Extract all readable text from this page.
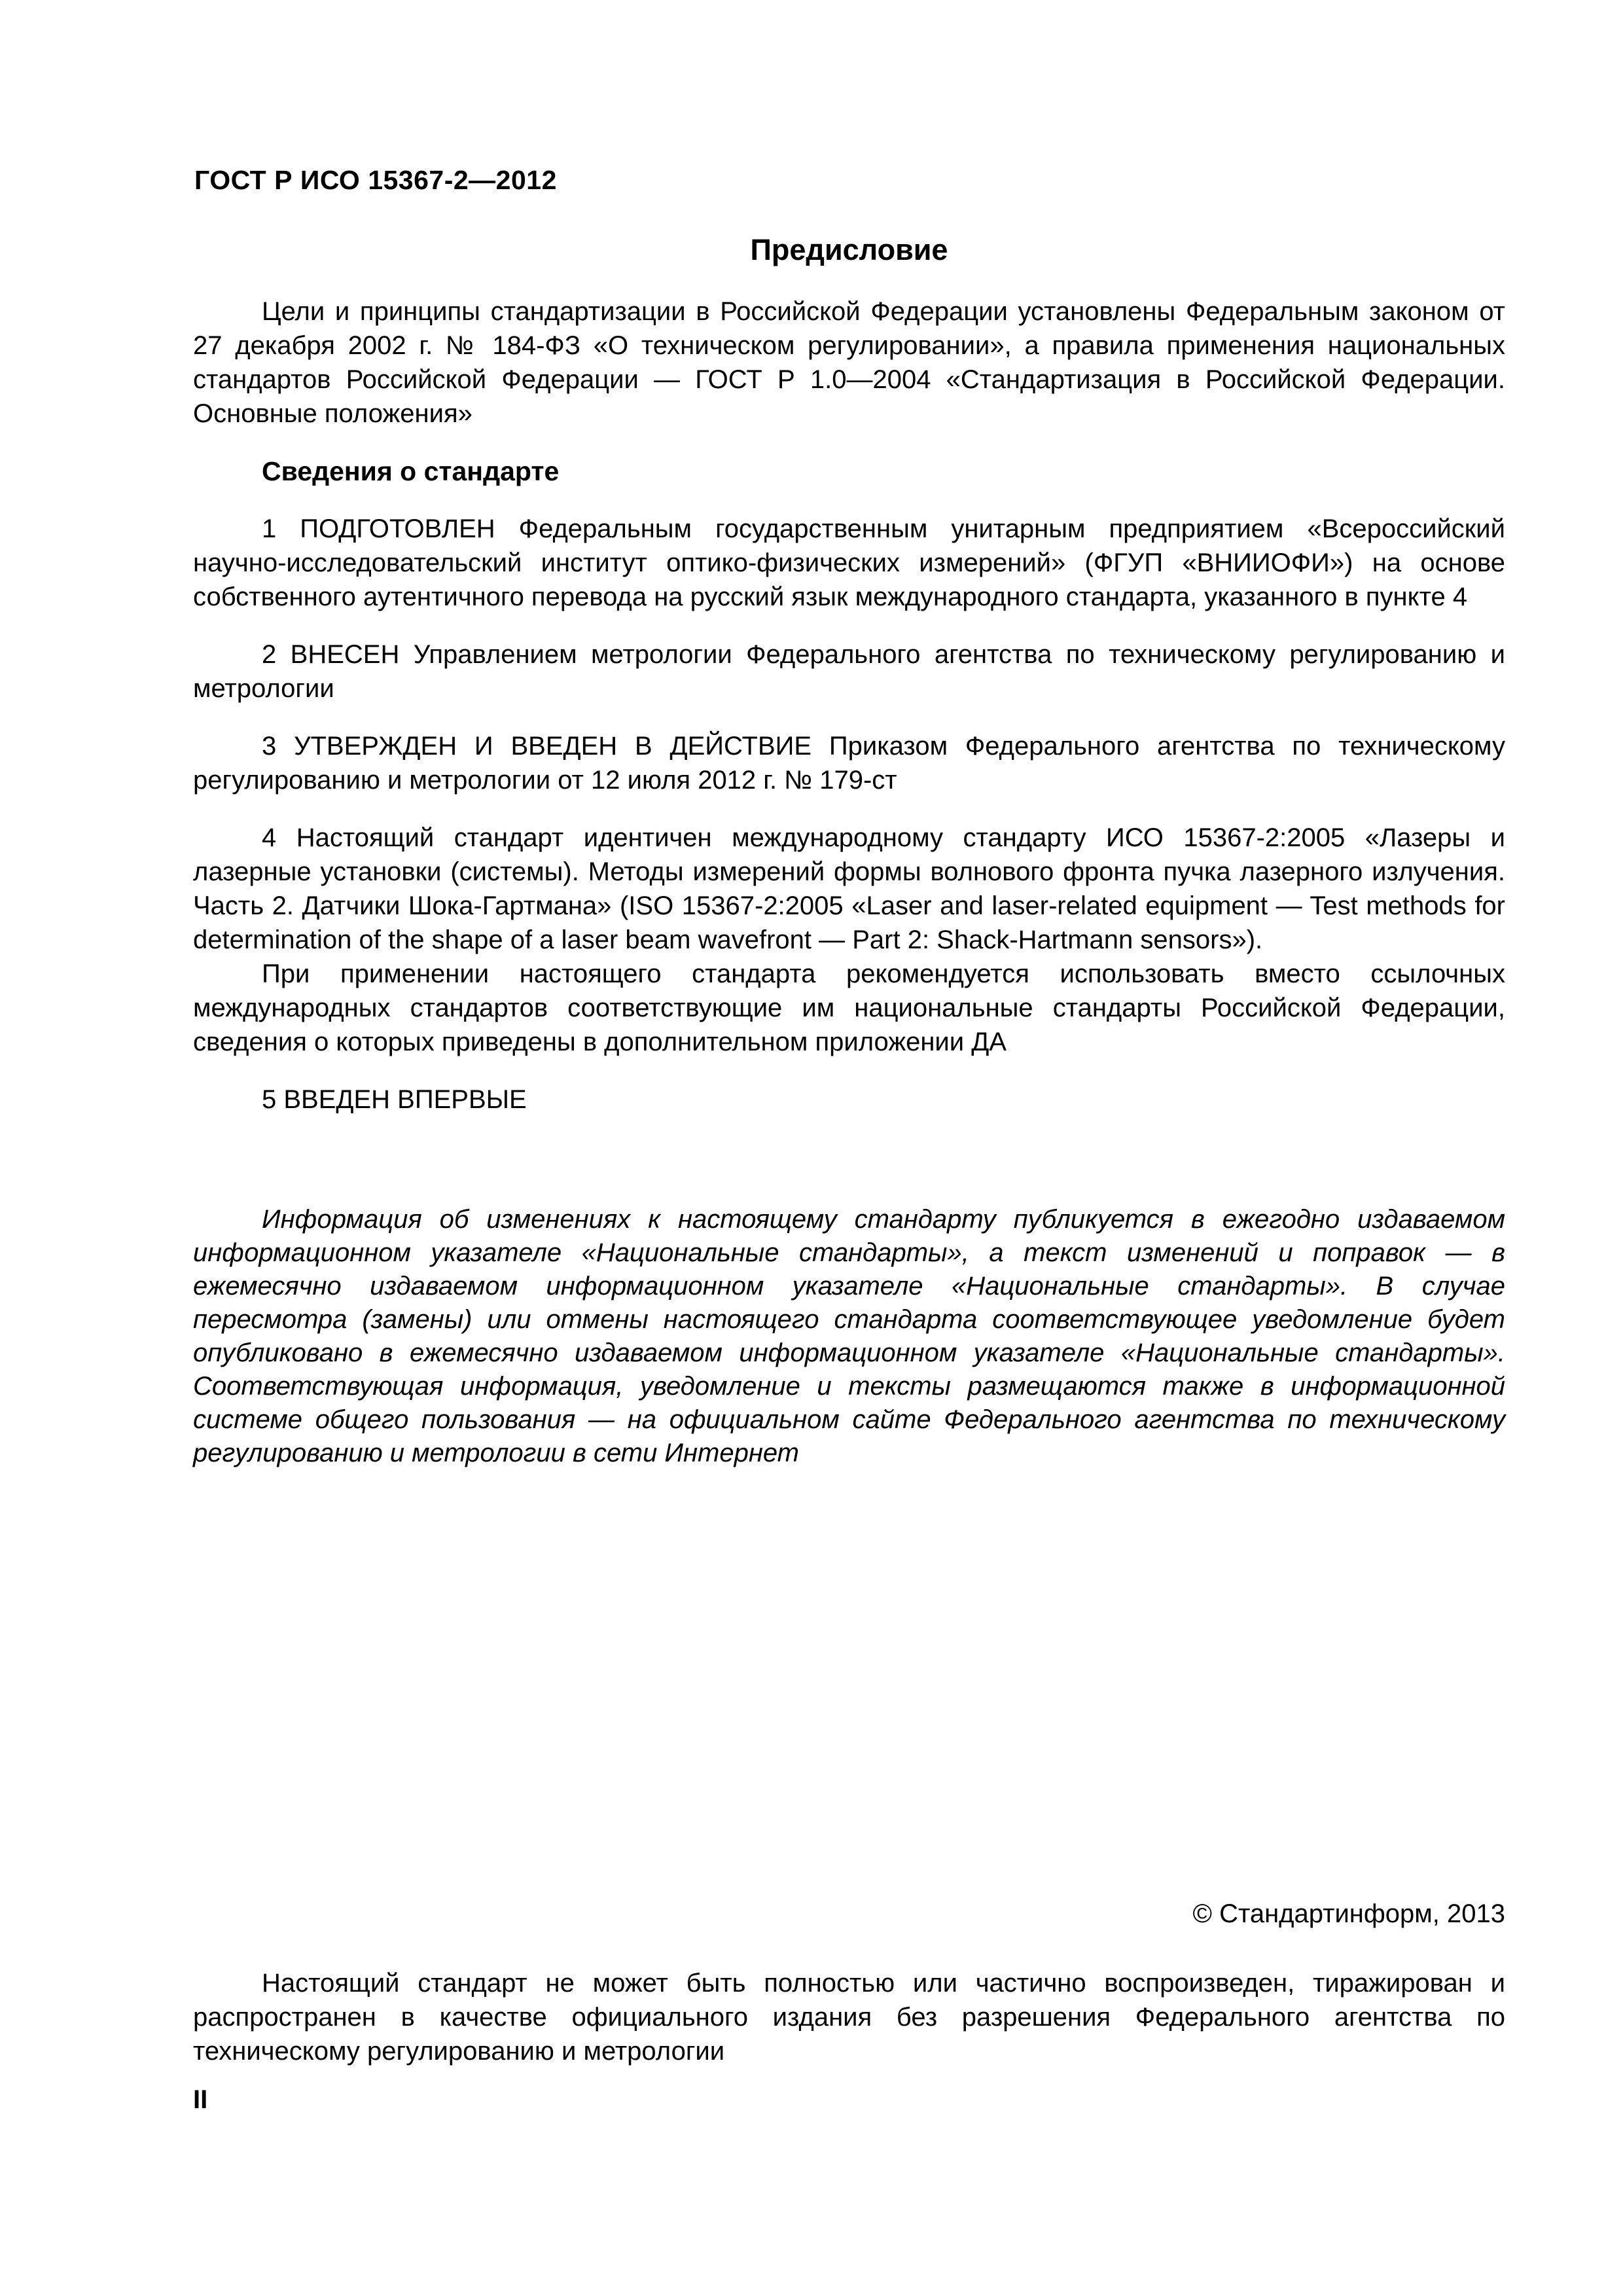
ГОСТ Р ИСО 15367-2—2012
Предисловие

Цели и принципы стандартизации в Российской Федерации установлены Федеральным законом от 27 декабря 2002 г. № 184-ФЗ «О техническом регулировании», а правила применения национальных стандартов Российской Федерации — ГОСТ Р 1.0—2004 «Стандартизация в Российской Федерации. Основные положения»

Сведения о стандарте

1 ПОДГОТОВЛЕН Федеральным государственным унитарным предприятием «Всероссийский научно-исследовательский институт оптико-физических измерений» (ФГУП «ВНИИОФИ») на основе собственного аутентичного перевода на русский язык международного стандарта, указанного в пункте 4

2 ВНЕСЕН Управлением метрологии Федерального агентства по техническому регулированию и метрологии

3 УТВЕРЖДЕН И ВВЕДЕН В ДЕЙСТВИЕ Приказом Федерального агентства по техническому регулированию и метрологии от 12 июля 2012 г. № 179-ст

4 Настоящий стандарт идентичен международному стандарту ИСО 15367-2:2005 «Лазеры и лазерные установки (системы). Методы измерений формы волнового фронта пучка лазерного излучения. Часть 2. Датчики Шока-Гартмана» (ISO 15367-2:2005 «Laser and laser-related equipment — Test methods for determination of the shape of a laser beam wavefront — Part 2: Shack-Hartmann sensors»).

При применении настоящего стандарта рекомендуется использовать вместо ссылочных международных стандартов соответствующие им национальные стандарты Российской Федерации, сведения о которых приведены в дополнительном приложении ДА

5 ВВЕДЕН ВПЕРВЫЕ

Информация об изменениях к настоящему стандарту публикуется в ежегодно издаваемом информационном указателе «Национальные стандарты», а текст изменений и поправок — в ежемесячно издаваемом информационном указателе «Национальные стандарты». В случае пересмотра (замены) или отмены настоящего стандарта соответствующее уведомление будет опубликовано в ежемесячно издаваемом информационном указателе «Национальные стандарты». Соответствующая информация, уведомление и тексты размещаются также в информационной системе общего пользования — на официальном сайте Федерального агентства по техническому регулированию и метрологии в сети Интернет

© Стандартинформ, 2013

Настоящий стандарт не может быть полностью или частично воспроизведен, тиражирован и распространен в качестве официального издания без разрешения Федерального агентства по техническому регулированию и метрологии

II
